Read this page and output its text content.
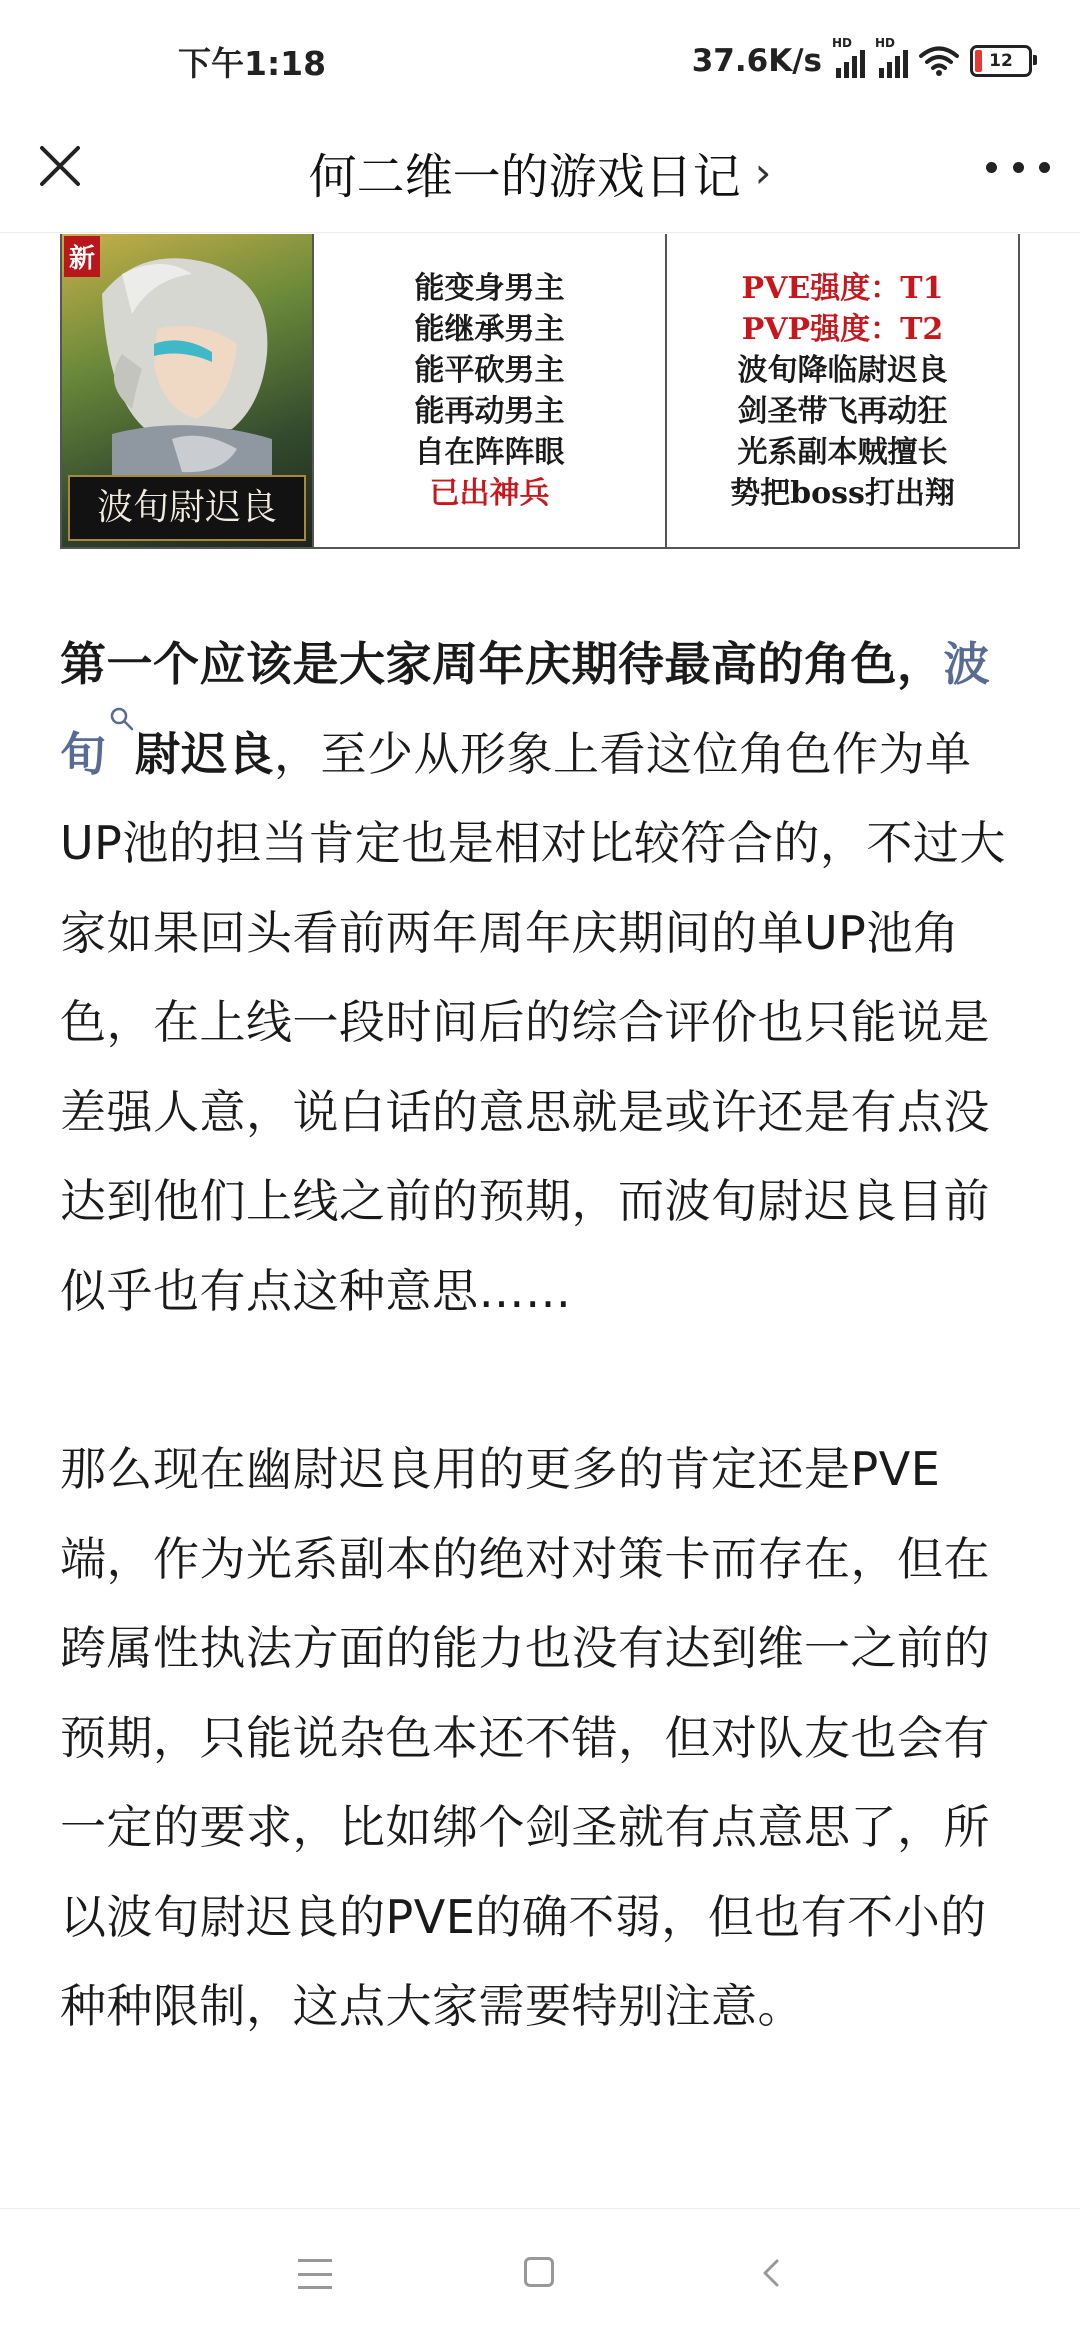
下午1:18	37.6K/s HD HD
12
何二维一的游戏日记 ›
新
波旬尉迟良
能变身男主
能继承男主
能平砍男主
能再动男主
自在阵阵眼
已出神兵
PVE强度：T1
PVP强度：T2
波旬降临尉迟良
剑圣带飞再动狂
光系副本贼擅长
势把boss打出翔

第一个应该是大家周年庆期待最高的角色，波旬 尉迟良，至少从形象上看这位角色作为单UP池的担当肯定也是相对比较符合的，不过大家如果回头看前两年周年庆期间的单UP池角色，在上线一段时间后的综合评价也只能说是差强人意，说白话的意思就是或许还是有点没达到他们上线之前的预期，而波旬尉迟良目前似乎也有点这种意思……

那么现在幽尉迟良用的更多的肯定还是PVE端，作为光系副本的绝对对策卡而存在，但在跨属性执法方面的能力也没有达到维一之前的预期，只能说杂色本还不错，但对队友也会有一定的要求，比如绑个剑圣就有点意思了，所以波旬尉迟良的PVE的确不弱，但也有不小的种种限制，这点大家需要特别注意。
